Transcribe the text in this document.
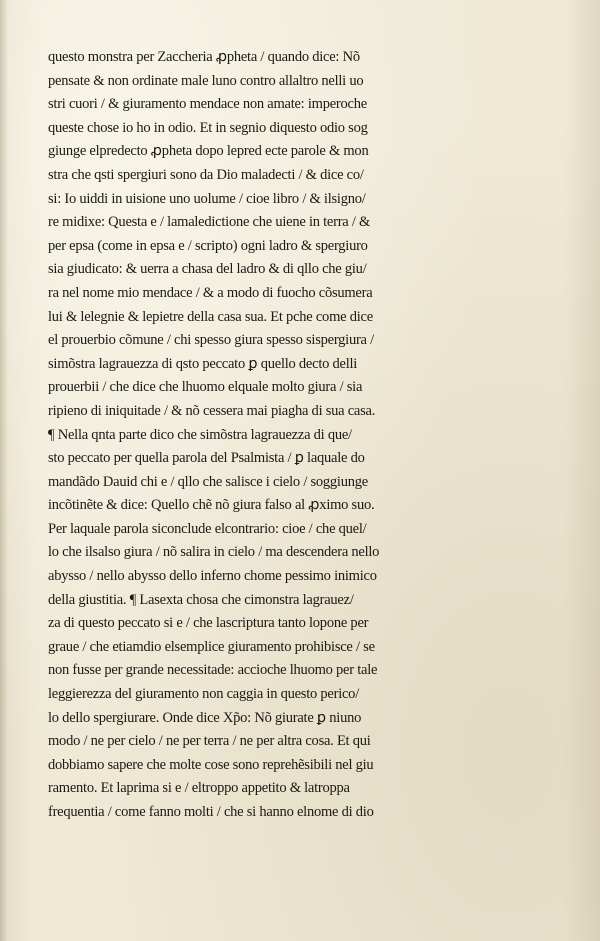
questo monstra per Zaccheria ꝓpheta / quando dice: Nõ
pensate & non ordinate male luno contro allaltro nelli uo
stri cuori / & giuramento mendace non amate: imperoche
queste chose io ho in odio. Et in segnio diquesto odio sog
giunge elpredecto ꝓpheta dopo lepred ecte parole & mon
stra che qsti spergiuri sono da Dio maladecti / & dice co/
si: Io uiddi in uisione uno uolume / cioe libro / & ilsigno/
re midixe: Questa e / lamaledictione che uiene in terra / &
per epsa (come in epsa e / scripto) ogni ladro & spergiuro
sia giudicato: & uerra a chasa del ladro & di qllo che giu/
ra nel nome mio mendace / & a modo di fuocho cõsumera
lui & lelegnie & lepietre della casa sua. Et pche come dice
el prouerbio cõmune / chi spesso giura spesso sispergiura /
simõstra lagrauezza di qsto peccato ꝑ quello decto delli
prouerbii / che dice che lhuomo elquale molto giura / sia
ripieno di iniquitade / & nõ cessera mai piagha di sua casa.
¶ Nella qnta parte dico che simõstra lagrauezza di que/
sto peccato per quella parola del Psalmista / ꝑ laquale do
mandãdo Dauid chi e / qllo che salisce i cielo / soggiunge
incõtinẽte & dice: Quello chẽ nõ giura falso al ꝓximo suo.
Per laquale parola siconclude elcontrario: cioe / che quel/
lo che ilsalso giura / nõ salira in cielo / ma descendera nello
abysso / nello abysso dello inferno chome pessimo inimico
della giustitia. ¶ Lasexta chosa che cimonstra lagrauez/
za di questo peccato si e / che lascriptura tanto lopone per
graue / che etiamdio elsemplice giuramento prohibisce / se
non fusse per grande necessitade: accioche lhuomo per tale
leggierezza del giuramento non caggia in questo perico/
lo dello spergiurare. Onde dice Xp̃o: Nõ giurate ꝑ niuno
modo / ne per cielo / ne per terra / ne per altra cosa. Et qui
dobbiamo sapere che molte cose sono reprehẽsibili nel giu
ramento. Et laprima si e / eltroppo appetito & latroppa
frequentia / come fanno molti / che si hanno elnome di dio
